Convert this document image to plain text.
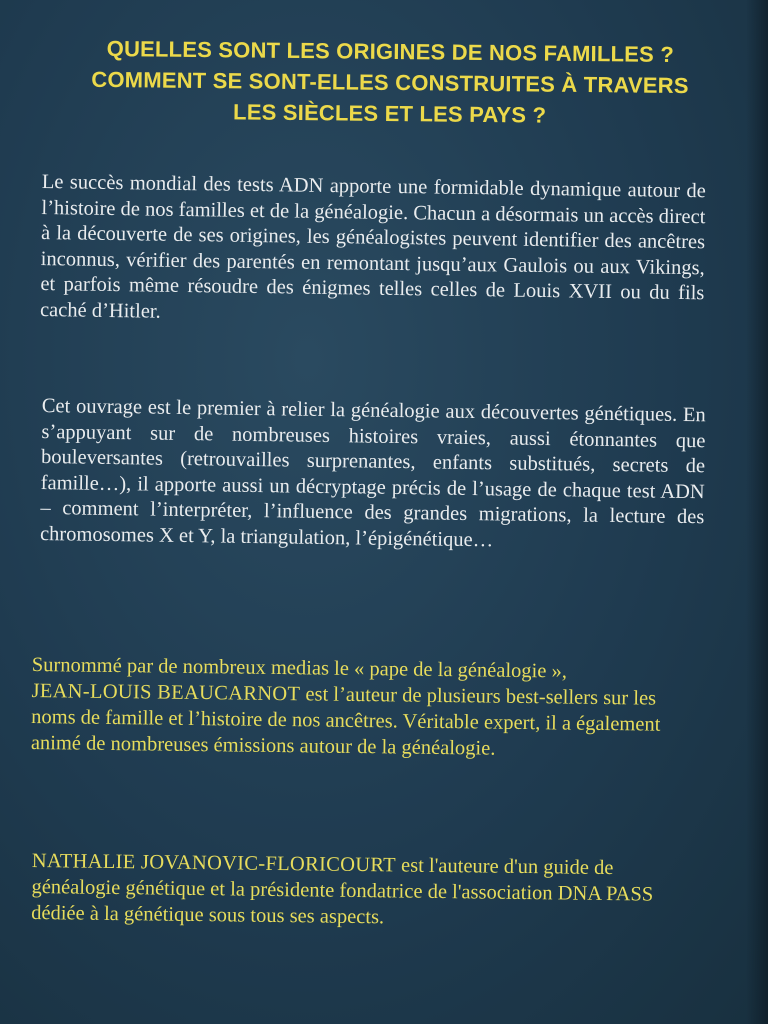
QUELLES SONT LES ORIGINES DE NOS FAMILLES ?
COMMENT SE SONT-ELLES CONSTRUITES À TRAVERS
LES SIÈCLES ET LES PAYS ?

Le succès mondial des tests ADN apporte une formidable dynamique autour de l’histoire de nos familles et de la généalogie. Chacun a désormais un accès direct à la découverte de ses origines, les généalogistes peuvent identifier des ancêtres inconnus, vérifier des parentés en remontant jusqu’aux Gaulois ou aux Vikings, et parfois même résoudre des énigmes telles celles de Louis XVII ou du fils caché d’Hitler.

Cet ouvrage est le premier à relier la généalogie aux découvertes génétiques. En s’appuyant sur de nombreuses histoires vraies, aussi étonnantes que bouleversantes (retrouvailles surprenantes, enfants substitués, secrets de famille…), il apporte aussi un décryptage précis de l’usage de chaque test ADN – comment l’interpréter, l’influence des grandes migrations, la lecture des chromosomes X et Y, la triangulation, l’épigénétique…

Surnommé par de nombreux medias le « pape de la généalogie »,
JEAN-LOUIS BEAUCARNOT est l’auteur de plusieurs best-sellers sur les noms de famille et l’histoire de nos ancêtres. Véritable expert, il a également animé de nombreuses émissions autour de la généalogie.

NATHALIE JOVANOVIC-FLORICOURT est l'auteure d'un guide de généalogie génétique et la présidente fondatrice de l'association DNA PASS dédiée à la génétique sous tous ses aspects.
